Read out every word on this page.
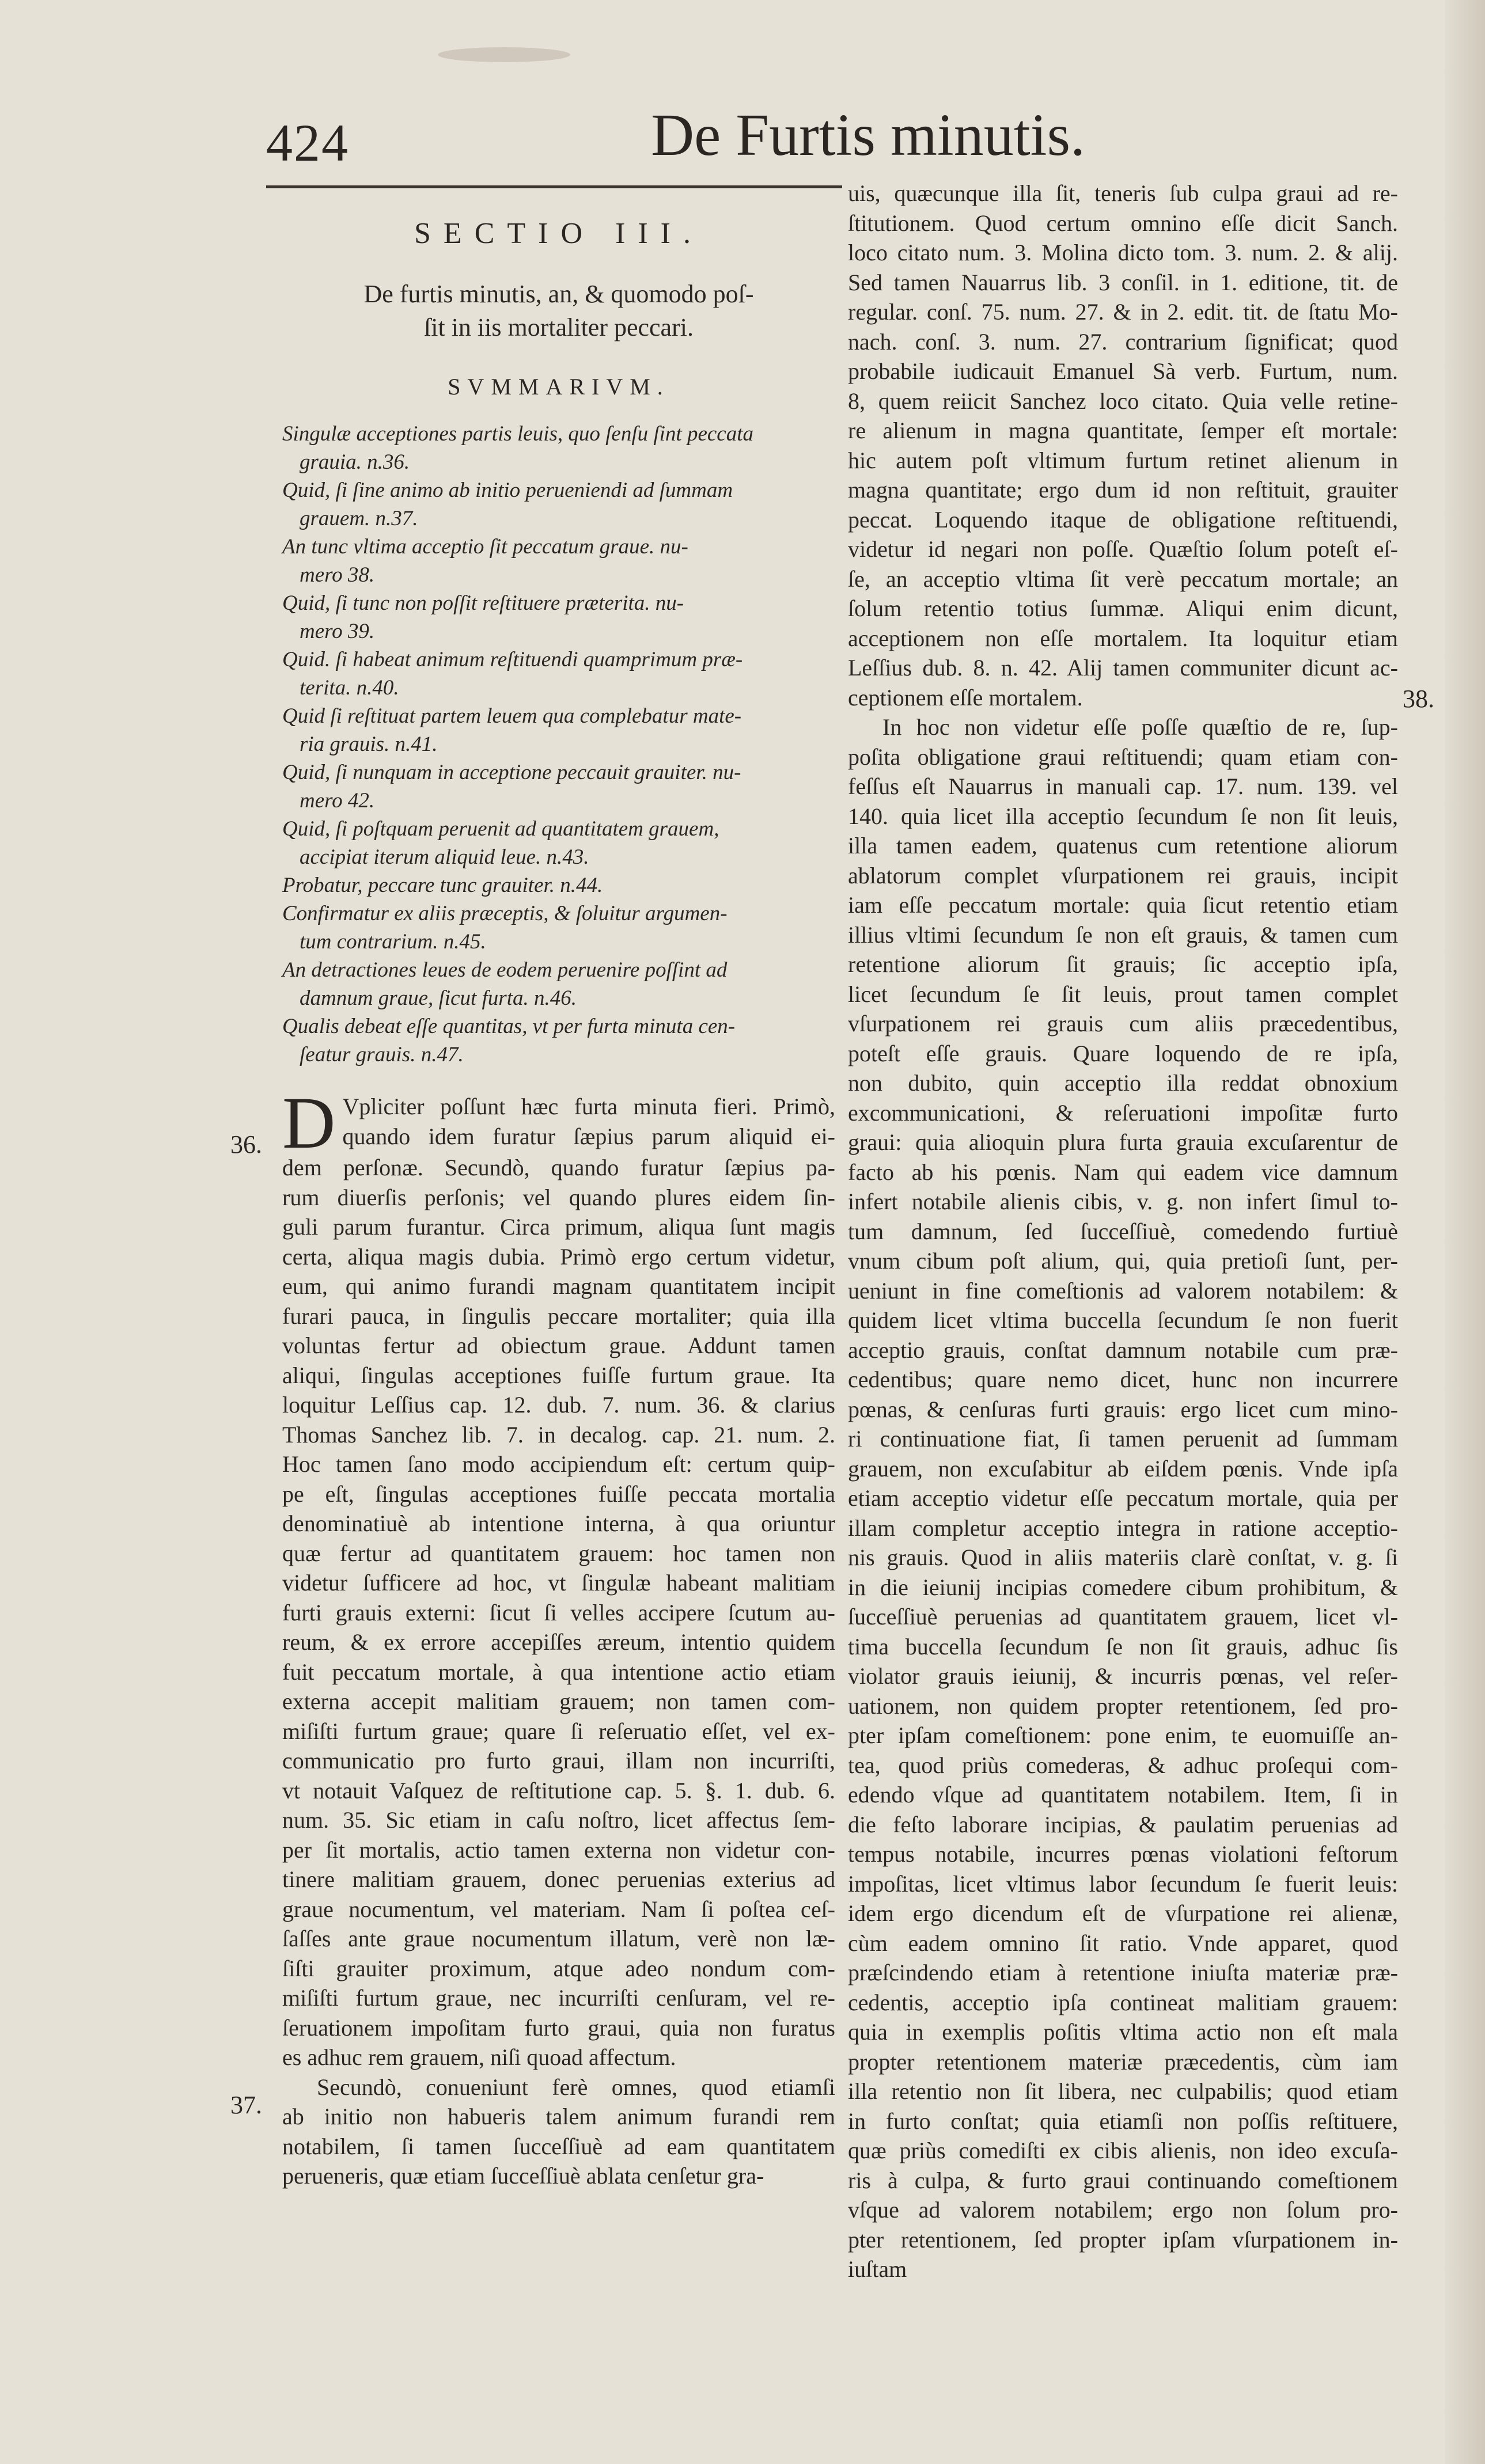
424	De Furtis minutis.
36.
37.
38.
SECTIO III.
De furtis minutis, an, & quomodo poſ-
ſit in iis mortaliter peccari.
SVMMARIVM.
Singulæ acceptiones partis leuis, quo ſenſu ſint peccata
grauia. n.36.
Quid, ſi ſine animo ab initio perueniendi ad ſummam
grauem. n.37.
An tunc vltima acceptio ſit peccatum graue. nu-
mero 38.
Quid, ſi tunc non poſſit reſtituere præterita. nu-
mero 39.
Quid. ſi habeat animum reſtituendi quamprimum præ-
terita. n.40.
Quid ſi reſtituat partem leuem qua complebatur mate-
ria grauis. n.41.
Quid, ſi nunquam in acceptione peccauit grauiter. nu-
mero 42.
Quid, ſi poſtquam peruenit ad quantitatem grauem,
accipiat iterum aliquid leue. n.43.
Probatur, peccare tunc grauiter. n.44.
Confirmatur ex aliis præceptis, & ſoluitur argumen-
tum contrarium. n.45.
An detractiones leues de eodem peruenire poſſint ad
damnum graue, ſicut furta. n.46.
Qualis debeat eſſe quantitas, vt per furta minuta cen-
ſeatur grauis. n.47.
D Vpliciter poſſunt hæc furta minuta fieri. Primò,
quando idem furatur ſæpius parum aliquid ei-
dem perſonæ. Secundò, quando furatur ſæpius pa-
rum diuerſis perſonis; vel quando plures eidem ſin-
guli parum furantur. Circa primum, aliqua ſunt magis
certa, aliqua magis dubia. Primò ergo certum videtur,
eum, qui animo furandi magnam quantitatem incipit
furari pauca, in ſingulis peccare mortaliter; quia illa
voluntas fertur ad obiectum graue. Addunt tamen
aliqui, ſingulas acceptiones fuiſſe furtum graue. Ita
loquitur Leſſius cap. 12. dub. 7. num. 36. & clarius
Thomas Sanchez lib. 7. in decalog. cap. 21. num. 2.
Hoc tamen ſano modo accipiendum eſt: certum quip-
pe eſt, ſingulas acceptiones fuiſſe peccata mortalia
denominatiuè ab intentione interna, à qua oriuntur
quæ fertur ad quantitatem grauem: hoc tamen non
videtur ſufficere ad hoc, vt ſingulæ habeant malitiam
furti grauis externi: ſicut ſi velles accipere ſcutum au-
reum, & ex errore accepiſſes æreum, intentio quidem
fuit peccatum mortale, à qua intentione actio etiam
externa accepit malitiam grauem; non tamen com-
miſiſti furtum graue; quare ſi reſeruatio eſſet, vel ex-
communicatio pro furto graui, illam non incurriſti,
vt notauit Vaſquez de reſtitutione cap. 5. §. 1. dub. 6.
num. 35. Sic etiam in caſu noſtro, licet affectus ſem-
per ſit mortalis, actio tamen externa non videtur con-
tinere malitiam grauem, donec peruenias exterius ad
graue nocumentum, vel materiam. Nam ſi poſtea ceſ-
ſaſſes ante graue nocumentum illatum, verè non læ-
ſiſti grauiter proximum, atque adeo nondum com-
miſiſti furtum graue, nec incurriſti cenſuram, vel re-
ſeruationem impoſitam furto graui, quia non furatus
es adhuc rem grauem, niſi quoad affectum.
Secundò, conueniunt ferè omnes, quod etiamſi
ab initio non habueris talem animum furandi rem
notabilem, ſi tamen ſucceſſiuè ad eam quantitatem
perueneris, quæ etiam ſucceſſiuè ablata cenſetur gra-
uis, quæcunque illa ſit, teneris ſub culpa graui ad re-
ſtitutionem. Quod certum omnino eſſe dicit Sanch.
loco citato num. 3. Molina dicto tom. 3. num. 2. & alij.
Sed tamen Nauarrus lib. 3 conſil. in 1. editione, tit. de
regular. conſ. 75. num. 27. & in 2. edit. tit. de ſtatu Mo-
nach. conſ. 3. num. 27. contrarium ſignificat; quod
probabile iudicauit Emanuel Sà verb. Furtum, num.
8, quem reiicit Sanchez loco citato. Quia velle retine-
re alienum in magna quantitate, ſemper eſt mortale:
hic autem poſt vltimum furtum retinet alienum in
magna quantitate; ergo dum id non reſtituit, grauiter
peccat. Loquendo itaque de obligatione reſtituendi,
videtur id negari non poſſe. Quæſtio ſolum poteſt eſ-
ſe, an acceptio vltima ſit verè peccatum mortale; an
ſolum retentio totius ſummæ. Aliqui enim dicunt,
acceptionem non eſſe mortalem. Ita loquitur etiam
Leſſius dub. 8. n. 42. Alij tamen communiter dicunt ac-
ceptionem eſſe mortalem.
In hoc non videtur eſſe poſſe quæſtio de re, ſup-
poſita obligatione graui reſtituendi; quam etiam con-
feſſus eſt Nauarrus in manuali cap. 17. num. 139. vel
140. quia licet illa acceptio ſecundum ſe non ſit leuis,
illa tamen eadem, quatenus cum retentione aliorum
ablatorum complet vſurpationem rei grauis, incipit
iam eſſe peccatum mortale: quia ſicut retentio etiam
illius vltimi ſecundum ſe non eſt grauis, & tamen cum
retentione aliorum ſit grauis; ſic acceptio ipſa,
licet ſecundum ſe ſit leuis, prout tamen complet
vſurpationem rei grauis cum aliis præcedentibus,
poteſt eſſe grauis. Quare loquendo de re ipſa,
non dubito, quin acceptio illa reddat obnoxium
excommunicationi, & reſeruationi impoſitæ furto
graui: quia alioquin plura furta grauia excuſarentur de
facto ab his pœnis. Nam qui eadem vice damnum
infert notabile alienis cibis, v. g. non infert ſimul to-
tum damnum, ſed ſucceſſiuè, comedendo furtiuè
vnum cibum poſt alium, qui, quia pretioſi ſunt, per-
ueniunt in fine comeſtionis ad valorem notabilem: &
quidem licet vltima buccella ſecundum ſe non fuerit
acceptio grauis, conſtat damnum notabile cum præ-
cedentibus; quare nemo dicet, hunc non incurrere
pœnas, & cenſuras furti grauis: ergo licet cum mino-
ri continuatione fiat, ſi tamen peruenit ad ſummam
grauem, non excuſabitur ab eiſdem pœnis. Vnde ipſa
etiam acceptio videtur eſſe peccatum mortale, quia per
illam completur acceptio integra in ratione acceptio-
nis grauis. Quod in aliis materiis clarè conſtat, v. g. ſi
in die ieiunij incipias comedere cibum prohibitum, &
ſucceſſiuè peruenias ad quantitatem grauem, licet vl-
tima buccella ſecundum ſe non ſit grauis, adhuc ſis
violator grauis ieiunij, & incurris pœnas, vel reſer-
uationem, non quidem propter retentionem, ſed pro-
pter ipſam comeſtionem: pone enim, te euomuiſſe an-
tea, quod priùs comederas, & adhuc proſequi com-
edendo vſque ad quantitatem notabilem. Item, ſi in
die feſto laborare incipias, & paulatim peruenias ad
tempus notabile, incurres pœnas violationi feſtorum
impoſitas, licet vltimus labor ſecundum ſe fuerit leuis:
idem ergo dicendum eſt de vſurpatione rei alienæ,
cùm eadem omnino ſit ratio. Vnde apparet, quod
præſcindendo etiam à retentione iniuſta materiæ præ-
cedentis, acceptio ipſa contineat malitiam grauem:
quia in exemplis poſitis vltima actio non eſt mala
propter retentionem materiæ præcedentis, cùm iam
illa retentio non ſit libera, nec culpabilis; quod etiam
in furto conſtat; quia etiamſi non poſſis reſtituere,
quæ priùs comediſti ex cibis alienis, non ideo excuſa-
ris à culpa, & furto graui continuando comeſtionem
vſque ad valorem notabilem; ergo non ſolum pro-
pter retentionem, ſed propter ipſam vſurpationem in-
iuſtam
